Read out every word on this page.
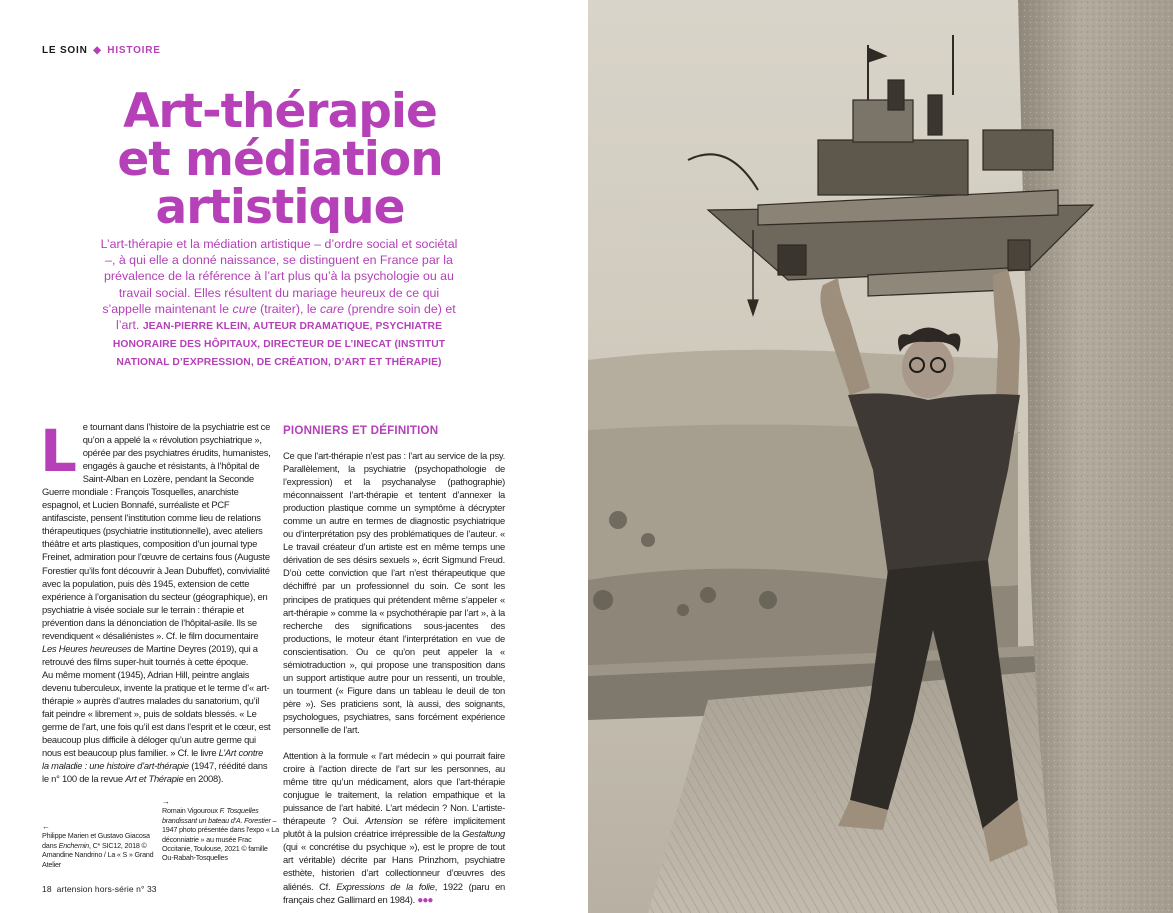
LE SOIN ◆ HISTOIRE
Art-thérapie
et médiation
artistique
L’art-thérapie et la médiation artistique – d’ordre social et sociétal –, à qui elle a donné naissance, se distinguent en France par la prévalence de la référence à l’art plus qu’à la psychologie ou au travail social. Elles résultent du mariage heureux de ce qui s’appelle maintenant le cure (traiter), le care (prendre soin de) et l’art. JEAN-PIERRE KLEIN, AUTEUR DRAMATIQUE, PSYCHIATRE HONORAIRE DES HÔPITAUX, DIRECTEUR DE L’INECAT (INSTITUT NATIONAL D’EXPRESSION, DE CRÉATION, D’ART ET THÉRAPIE)

Le tournant dans l’histoire de la psychiatrie est ce qu’on a appelé la « révolution psychiatrique », opérée par des psychiatres érudits, humanistes, engagés à gauche et résistants, à l’hôpital de Saint-Alban en Lozère, pendant la Seconde Guerre mondiale : François Tosquelles, anarchiste espagnol, et Lucien Bonnafé, surréaliste et PCF antifasciste, pensent l’institution comme lieu de relations thérapeutiques (psychiatrie institutionnelle), avec ateliers théâtre et arts plastiques, composition d’un journal type Freinet, admiration pour l’œuvre de certains fous (Auguste Forestier qu’ils font découvrir à Jean Dubuffet), convivialité avec la population, puis dès 1945, extension de cette expérience à l’organisation du secteur (géographique), en psychiatrie à visée sociale sur le terrain : thérapie et prévention dans la dénonciation de l’hôpital-asile. Ils se revendiquent « désaliénistes ». Cf. le film documentaire Les Heures heureuses de Martine Deyres (2019), qui a retrouvé des films super-huit tournés à cette époque.

Au même moment (1945), Adrian Hill, peintre anglais devenu tuberculeux, invente la pratique et le terme d’« art-thérapie » auprès d’autres malades du sanatorium, qu’il fait peindre « librement », puis de soldats blessés. « Le germe de l’art, une fois qu’il est dans l’esprit et le cœur, est beaucoup plus difficile à déloger qu’un autre germe qui nous est beaucoup plus familier. » Cf. le livre L’Art contre la maladie : une histoire d’art-thérapie (1947, réédité dans le n° 100 de la revue Art et Thérapie en 2008).

PIONNIERS ET DÉFINITION

Ce que l’art-thérapie n’est pas : l’art au service de la psy. Parallèlement, la psychiatrie (psychopathologie de l’expression) et la psychanalyse (pathographie) méconnaissent l’art-thérapie et tentent d’annexer la production plastique comme un symptôme à décrypter comme un autre en termes de diagnostic psychiatrique ou d’interprétation psy des problématiques de l’auteur. « Le travail créateur d’un artiste est en même temps une dérivation de ses désirs sexuels », écrit Sigmund Freud. D’où cette conviction que l’art n’est thérapeutique que déchiffré par un professionnel du soin. Ce sont les principes de pratiques qui prétendent même s’appeler « art-thérapie » comme la « psychothérapie par l’art », à la recherche des significations sous-jacentes des productions, le moteur étant l’interprétation en vue de conscientisation. Ou ce qu’on peut appeler la « sémiotraduction », qui propose une transposition dans un support artistique autre pour un ressenti, un trouble, un tourment (« Figure dans un tableau le deuil de ton père »). Ses praticiens sont, là aussi, des soignants, psychologues, psychiatres, sans forcément expérience personnelle de l’art.

Attention à la formule « l’art médecin » qui pourrait faire croire à l’action directe de l’art sur les personnes, au même titre qu’un médicament, alors que l’art-thérapie conjugue le traitement, la relation empathique et la puissance de l’art habité. L’art médecin ? Non. L’artiste-thérapeute ? Oui. Artension se réfère implicitement plutôt à la pulsion créatrice irrépressible de la Gestaltung (qui « concrétise du psychique »), est le propre de tout art véritable) décrite par Hans Prinzhorn, psychiatre esthète, historien d’art collectionneur d’œuvres des aliénés. Cf. Expressions de la folie, 1922 (paru en français chez Gallimard en 1984). ●●●

←
Philippe Marien et Gustavo Giacosa dans Enchemin, C* SIC12, 2018 © Amandine Nandrino / La « S » Grand Atelier
→
Romain Vigouroux F. Tosquelles brandissant un bateau d’A. Forestier – 1947 photo présentée dans l’expo « La déconniatrie » au musée Frac Occitanie, Toulouse, 2021 © famille Ou-Rabah-Tosquelles
18 artension hors-série n° 33
